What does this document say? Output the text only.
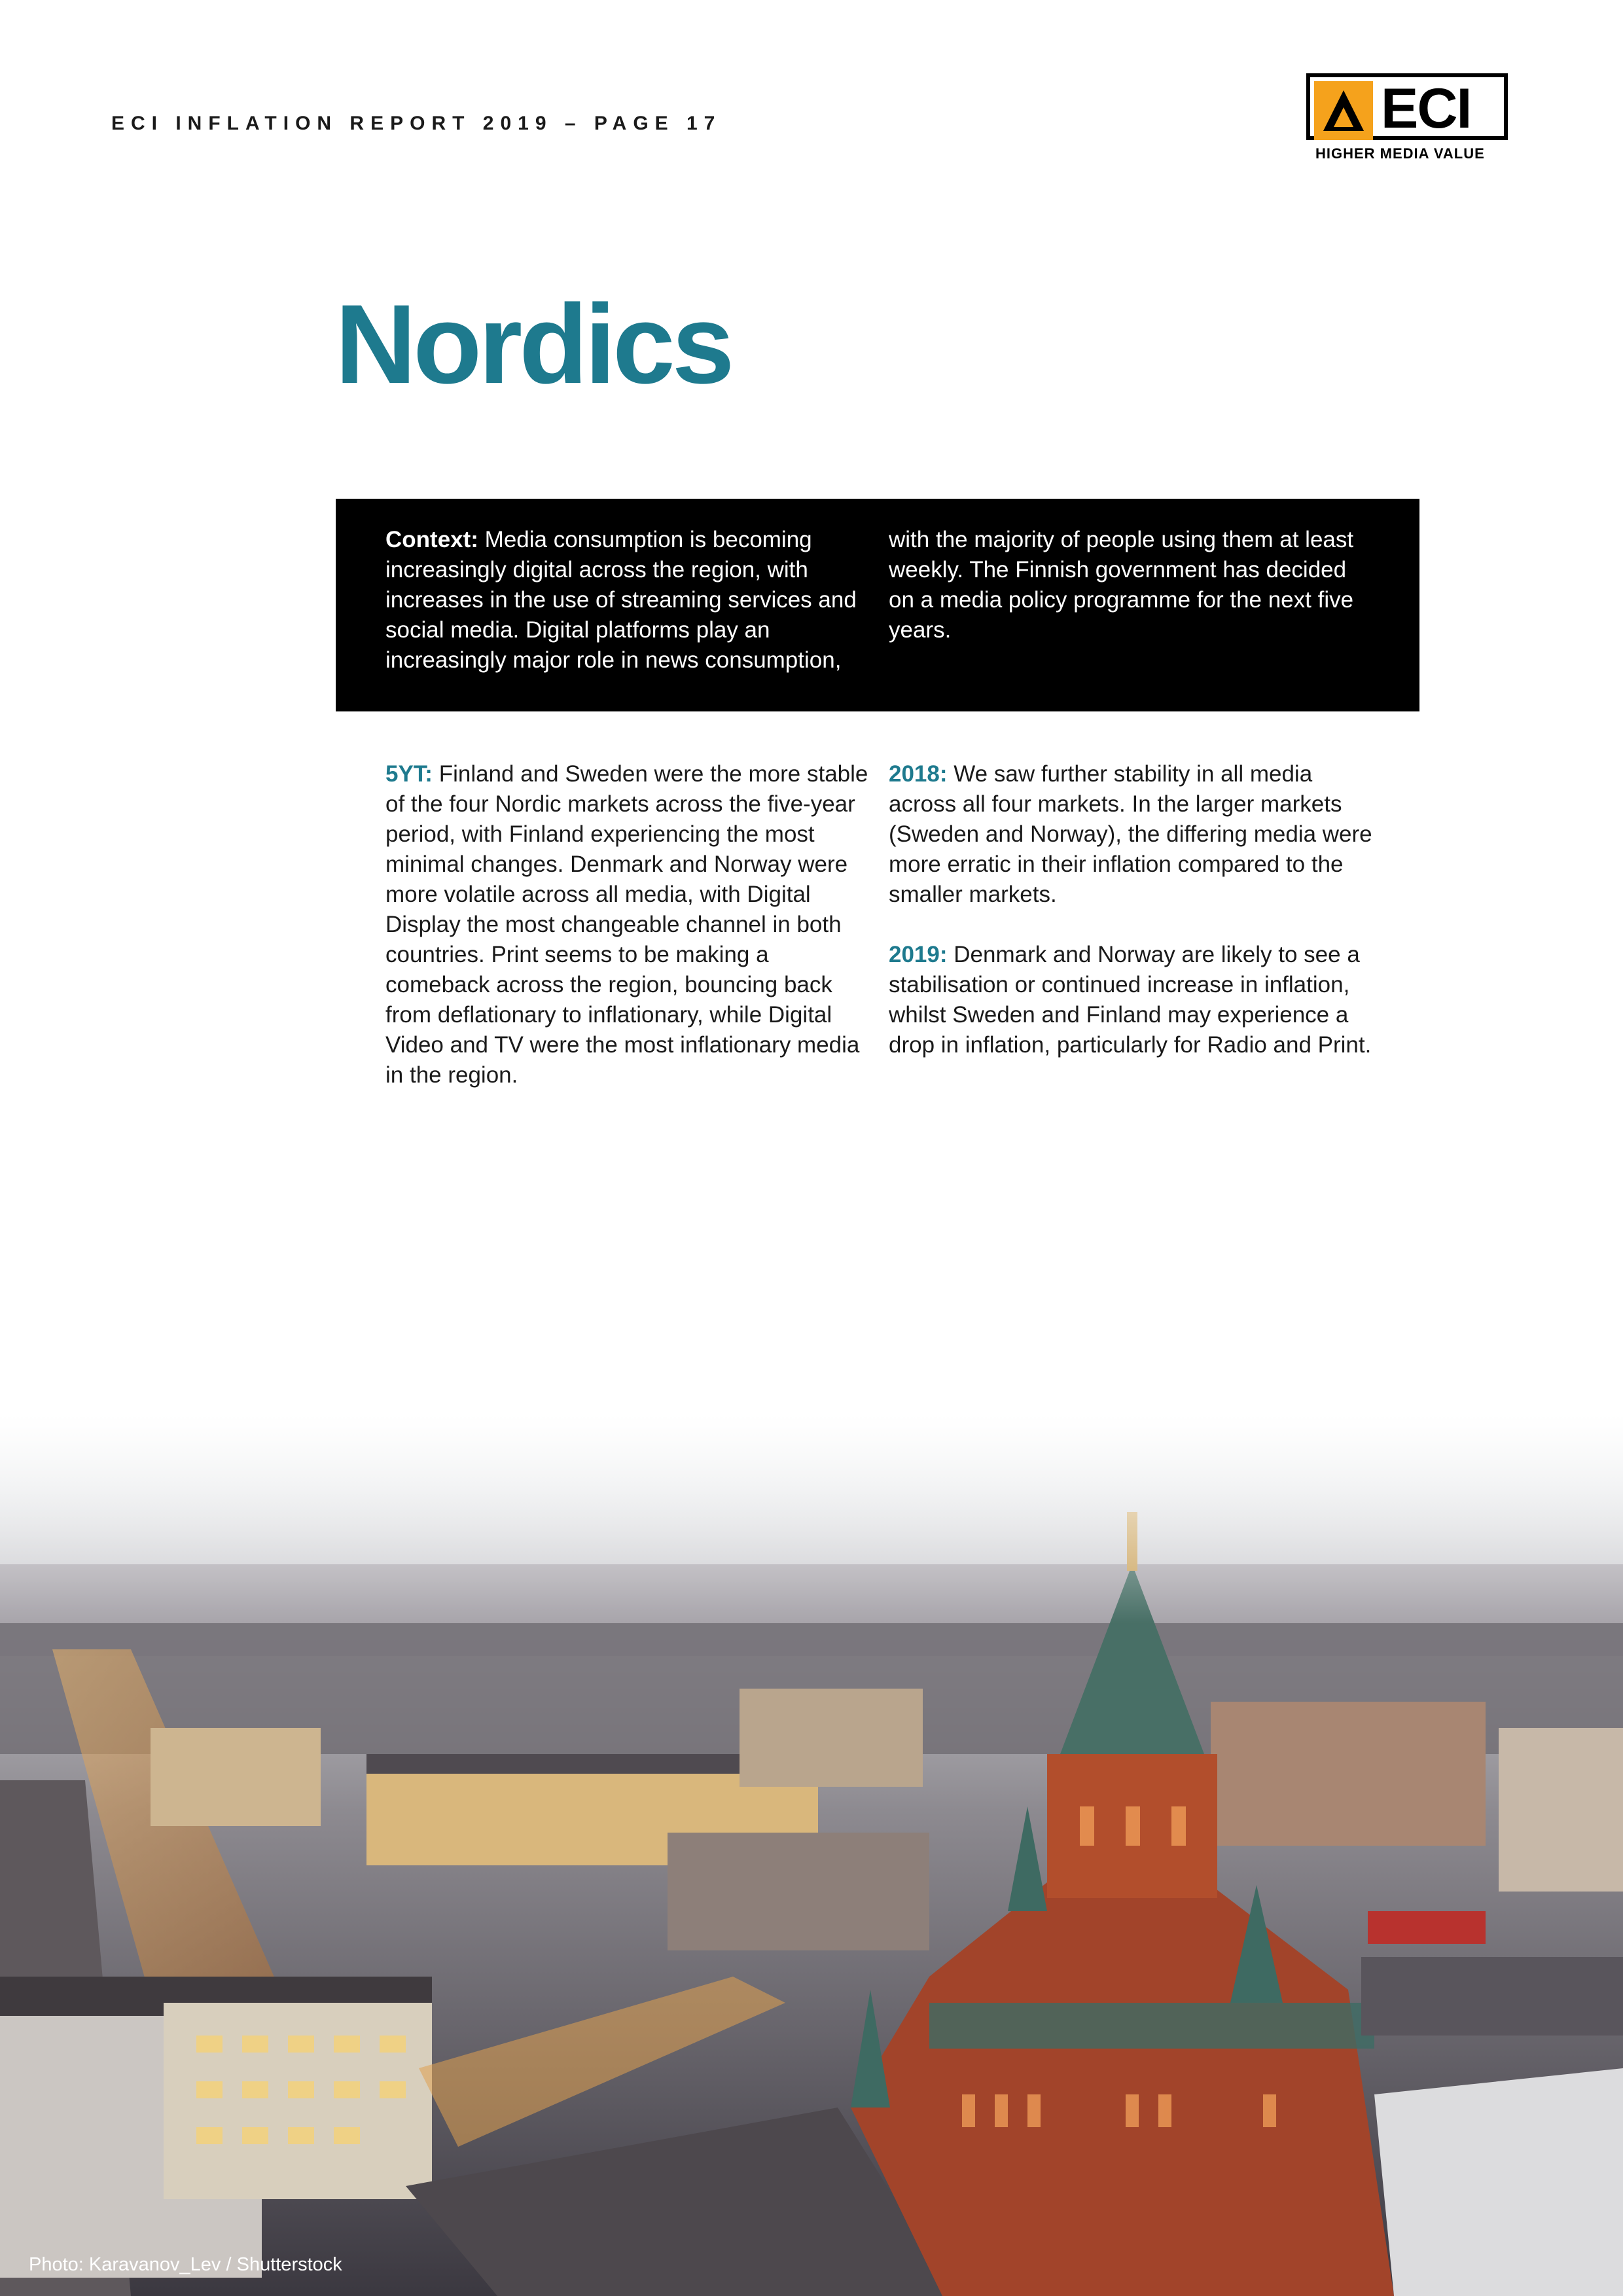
ECI INFLATION REPORT 2019 – PAGE 17	ECI
HIGHER MEDIA VALUE
Nordics
Context: Media consumption is becoming increasingly digital across the region, with increases in the use of streaming services and social media. Digital platforms play an increasingly major role in news consumption,
with the majority of people using them at least weekly. The Finnish government has decided on a media policy programme for the next five years.

5YT: Finland and Sweden were the more stable of the four Nordic markets across the five-year period, with Finland experiencing the most minimal changes. Denmark and Norway were more volatile across all media, with Digital Display the most changeable channel in both countries. Print seems to be making a comeback across the region, bouncing back from deflationary to inflationary, while Digital Video and TV were the most inflationary media in the region.

2018: We saw further stability in all media across all four markets. In the larger markets (Sweden and Norway), the differing media were more erratic in their inflation compared to the smaller markets.

2019: Denmark and Norway are likely to see a stabilisation or continued increase in inflation, whilst Sweden and Finland may experience a drop in inflation, particularly for Radio and Print.

Photo: Karavanov_Lev / Shutterstock
